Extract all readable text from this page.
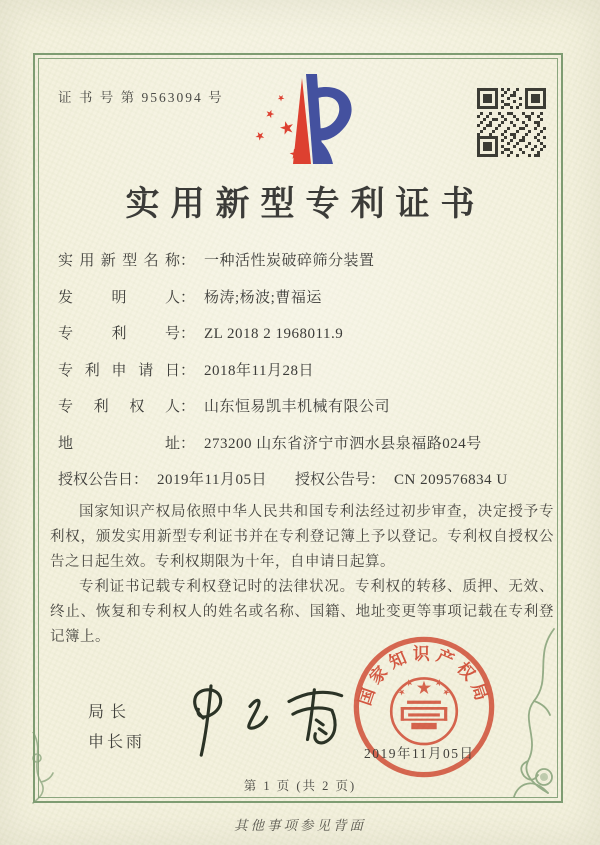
证 书 号 第 9563094 号
实用新型专利证书
实用新型名称 ： 一种活性炭破碎筛分装置
发明人 ： 杨涛;杨波;曹福运
专利号 ： ZL 2018 2 1968011.9
专利申请日 ： 2018年11月28日
专利权人 ： 山东恒易凯丰机械有限公司
地址 ： 273200 山东省济宁市泗水县泉福路024号
授权公告日 ： 2019年11月05日 授权公告号 ： CN 209576834 U

国家知识产权局依照中华人民共和国专利法经过初步审查，决定授予专利权，颁发实用新型专利证书并在专利登记簿上予以登记。专利权自授权公告之日起生效。专利权期限为十年，自申请日起算。

专利证书记载专利权登记时的法律状况。专利权的转移、质押、无效、终止、恢复和专利权人的姓名或名称、国籍、地址变更等事项记载在专利登记簿上。

局长
申长雨
国家知识产权局
2019年11月05日
第 1 页 (共 2 页)
其他事项参见背面
